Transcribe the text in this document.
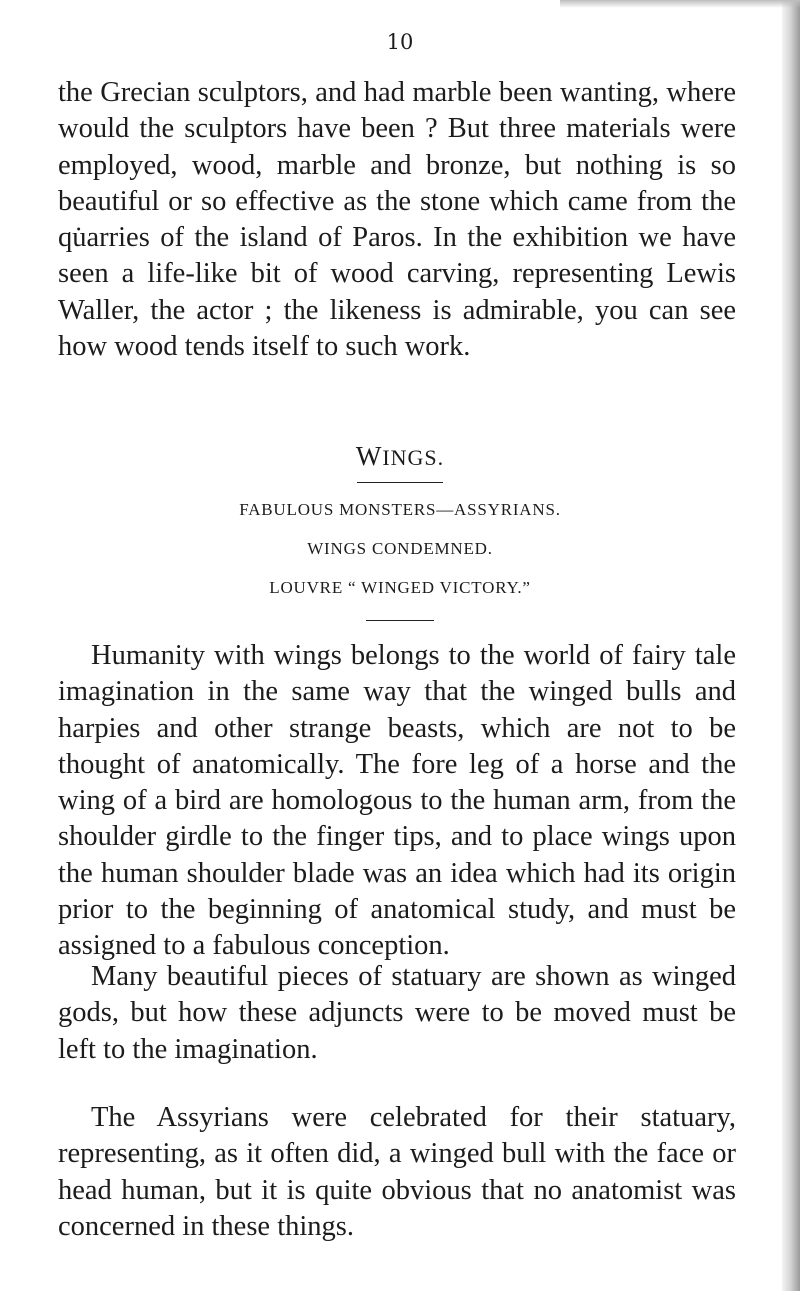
10

the Grecian sculptors, and had marble been wanting, where would the sculptors have been ? But three materials were employed, wood, marble and bronze, but nothing is so beautiful or so effective as the stone which came from the qu̇arries of the island of Paros. In the exhibition we have seen a life-like bit of wood carving, representing Lewis Waller, the actor ; the likeness is admirable, you can see how wood tends itself to such work.

WINGS.
FABULOUS MONSTERS—ASSYRIANS.
WINGS CONDEMNED.
LOUVRE “ WINGED VICTORY.”

Humanity with wings belongs to the world of fairy tale imagination in the same way that the winged bulls and harpies and other strange beasts, which are not to be thought of anatomically. The fore leg of a horse and the wing of a bird are homologous to the human arm, from the shoulder girdle to the finger tips, and to place wings upon the human shoulder blade was an idea which had its origin prior to the beginning of anatomical study, and must be assigned to a fabulous conception.

Many beautiful pieces of statuary are shown as winged gods, but how these adjuncts were to be moved must be left to the imagination.

The Assyrians were celebrated for their statuary, representing, as it often did, a winged bull with the face or head human, but it is quite obvious that no anatomist was concerned in these things.
